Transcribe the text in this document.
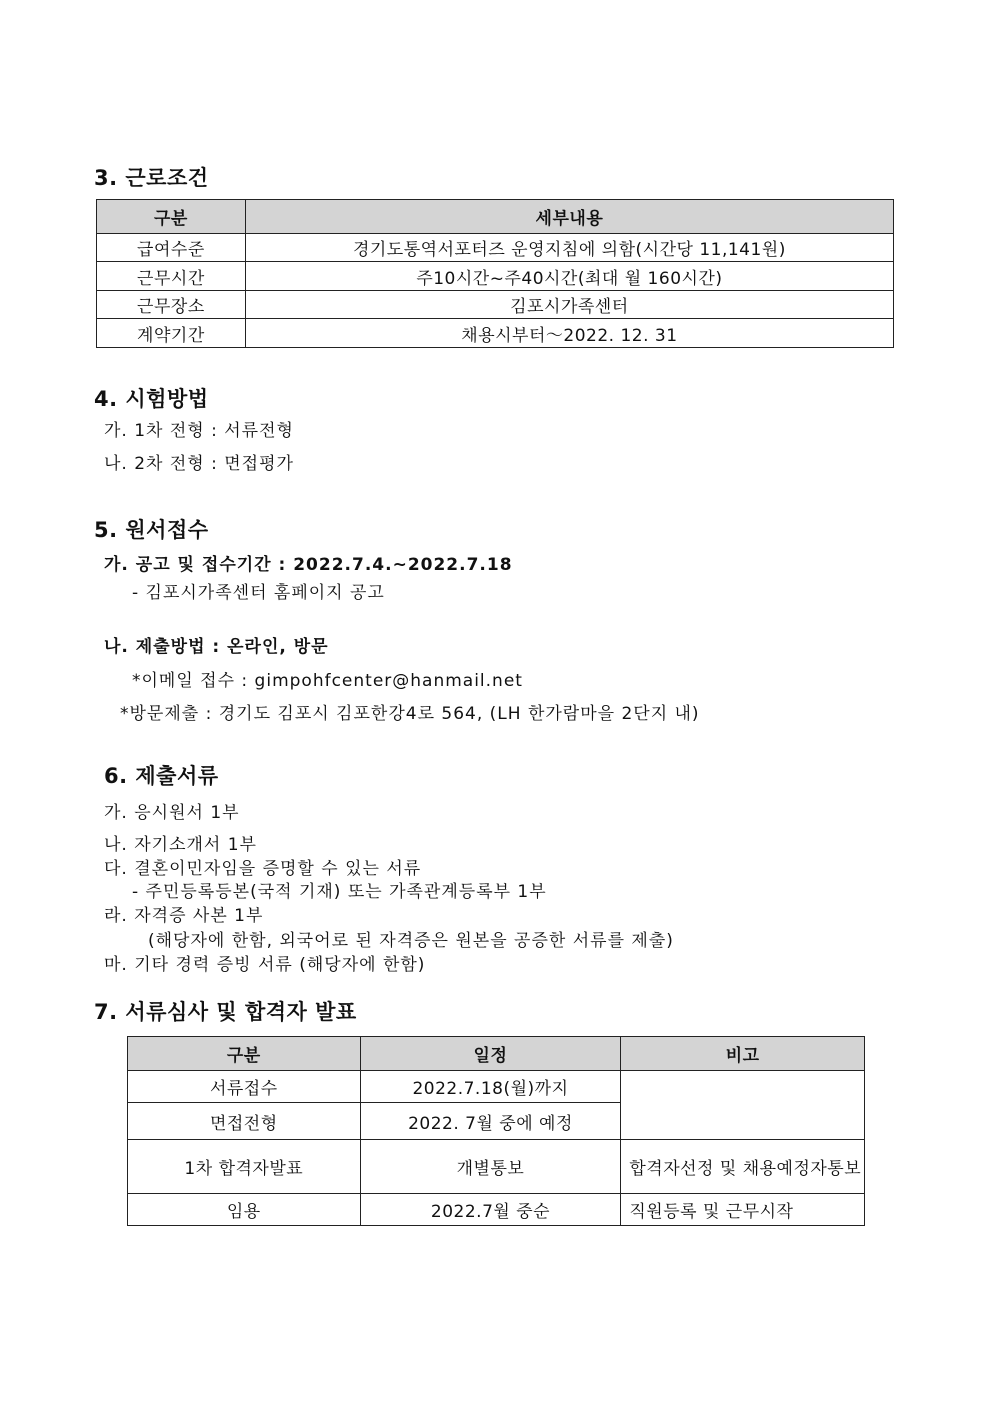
3. 근로조건
구분	세부내용
급여수준	경기도통역서포터즈 운영지침에 의함(시간당 11,141원)
근무시간	주10시간~주40시간(최대 월 160시간)
근무장소	김포시가족센터
계약기간	채용시부터～2022. 12. 31
4. 시험방법
가. 1차 전형 : 서류전형
나. 2차 전형 : 면접평가
5. 원서접수
가. 공고 및 접수기간 : 2022.7.4.~2022.7.18
- 김포시가족센터 홈페이지 공고
나. 제출방법 : 온라인, 방문
*이메일 접수 : gimpohfcenter@hanmail.net
*방문제출 : 경기도 김포시 김포한강4로 564, (LH 한가람마을 2단지 내)
6. 제출서류
가. 응시원서 1부
나. 자기소개서 1부
다. 결혼이민자임을 증명할 수 있는 서류
- 주민등록등본(국적 기재) 또는 가족관계등록부 1부
라. 자격증 사본 1부
(해당자에 한함, 외국어로 된 자격증은 원본을 공증한 서류를 제출)
마. 기타 경력 증빙 서류 (해당자에 한함)
7. 서류심사 및 합격자 발표
구분	일정	비고
서류접수	2022.7.18(월)까지	
면접전형	2022. 7월 중에 예정	
1차 합격자발표	개별통보	합격자선정 및 채용예정자통보
임용	2022.7월 중순	직원등록 및 근무시작
